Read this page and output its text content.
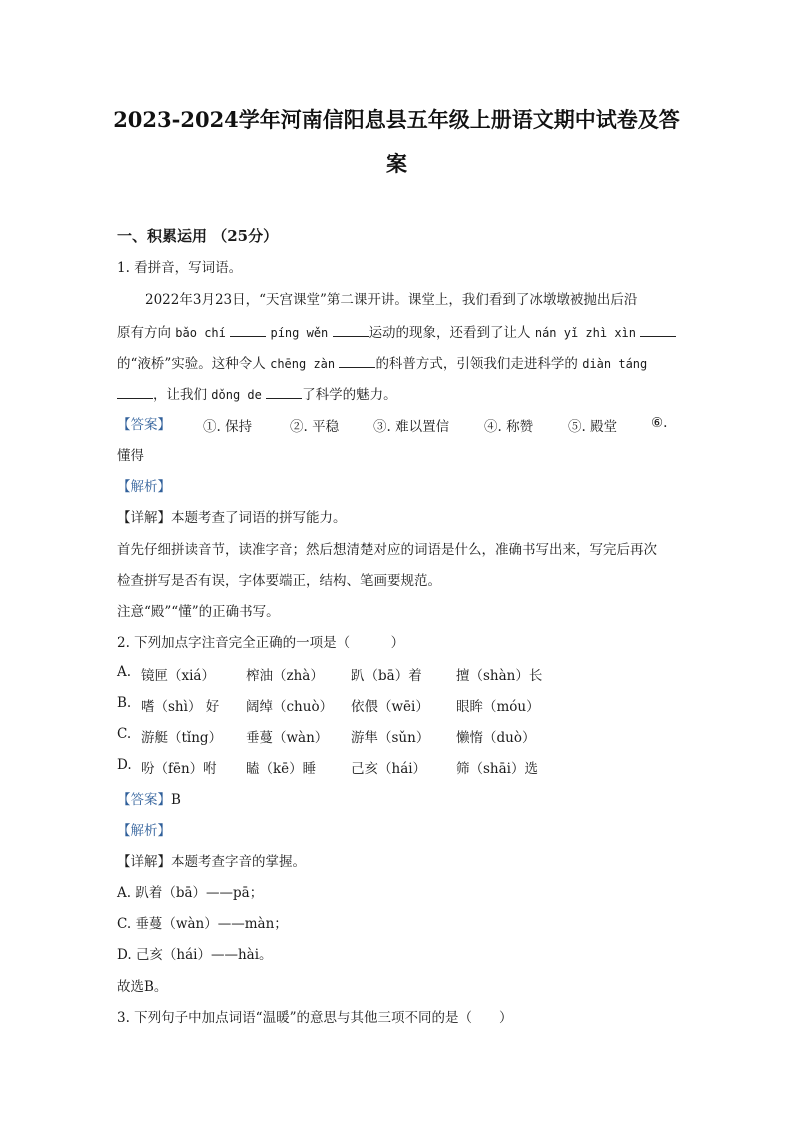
2023-2024学年河南信阳息县五年级上册语文期中试卷及答
案
一、积累运用 （25分）
1. 看拼音，写词语。
2022年3月23日，“天宫课堂”第二课开讲。课堂上，我们看到了冰墩墩被抛出后沿
原有方向 bǎo chí	píng wěn	运动的现象，还看到了让人 nán yǐ zhì xìn
的“液桥”实验。这种令人 chēng zàn	的科普方式，引领我们走进科学的 diàn táng
，让我们 dǒng de	了科学的魅力。
【答案】 ①. 保持	②. 平稳	③. 难以置信	④. 称赞	⑤. 殿堂	⑥.
懂得
【解析】
【详解】本题考查了词语的拼写能力。
首先仔细拼读音节，读准字音；然后想清楚对应的词语是什么，准确书写出来，写完后再次
检查拼写是否有误，字体要端正，结构、笔画要规范。
注意“殿”“懂”的正确书写。
2. 下列加点字注音完全正确的一项是（　　　）
A. 镜匣（xiá） 榨油（zhà） 趴（bā）着	擅（shàn）长
B. 嗜（shì） 好 阔绰（chuò） 依偎（wēi） 眼眸（móu）
C. 游艇（tǐng） 垂蔓（wàn） 游隼（sǔn） 懒惰（duò）
D. 吩（fēn）咐 瞌（kē）睡	己亥（hái） 筛（shāi）选
【答案】B
【解析】
【详解】本题考查字音的掌握。
A. 趴着（bā）——pā；
C. 垂蔓（wàn）——màn；
D. 己亥（hái）——hài。
故选B。
3. 下列句子中加点词语“温暖”的意思与其他三项不同的是（　　）
